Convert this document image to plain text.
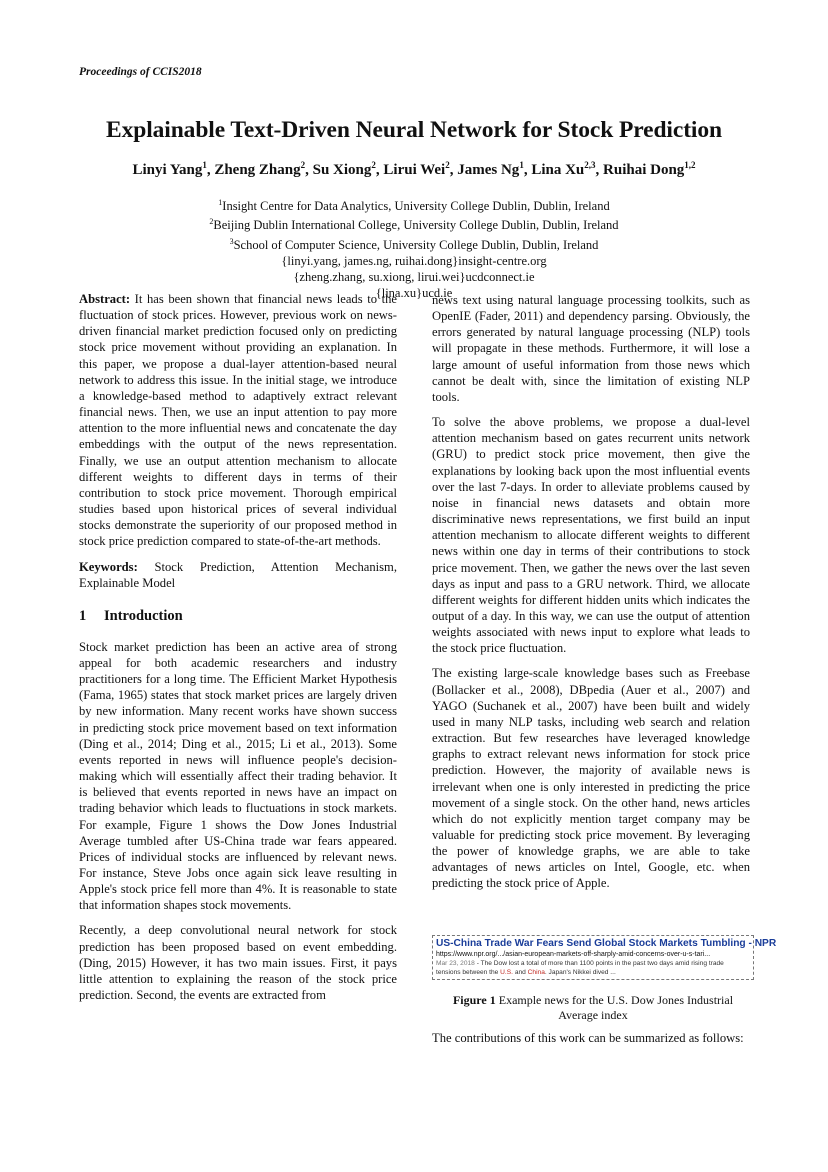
Proceedings of CCIS2018
Explainable Text-Driven Neural Network for Stock Prediction
Linyi Yang$^1$, Zheng Zhang$^2$, Su Xiong$^2$, Lirui Wei$^2$, James Ng$^1$, Lina Xu$^{2,3}$, Ruihai Dong$^{1,2}$
$^1$Insight Centre for Data Analytics, University College Dublin, Dublin, Ireland
$^2$Beijing Dublin International College, University College Dublin, Dublin, Ireland
$^3$School of Computer Science, University College Dublin, Dublin, Ireland
{linyi.yang, james.ng, ruihai.dong}insight-centre.org
{zheng.zhang, su.xiong, lirui.wei}ucdconnect.ie
{lina.xu}ucd.ie

Abstract: It has been shown that financial news leads to the fluctuation of stock prices. However, previous work on news-driven financial market prediction focused only on predicting stock price movement without providing an explanation. In this paper, we propose a dual-layer attention-based neural network to address this issue. In the initial stage, we introduce a knowledge-based method to adaptively extract relevant financial news. Then, we use an input attention to pay more attention to the more influential news and concatenate the day embeddings with the output of the news representation. Finally, we use an output attention mechanism to allocate different weights to different days in terms of their contribution to stock price movement. Thorough empirical studies based upon historical prices of several individual stocks demonstrate the superiority of our proposed method in stock price prediction compared to state-of-the-art methods.

Keywords: Stock Prediction, Attention Mechanism, Explainable Model

1 Introduction

Stock market prediction has been an active area of strong appeal for both academic researchers and industry practitioners for a long time. The Efficient Market Hypothesis (Fama, 1965) states that stock market prices are largely driven by new information. Many recent works have shown success in predicting stock price movement based on text information (Ding et al., 2014; Ding et al., 2015; Li et al., 2013). Some events reported in news will influence people's decision-making which will essentially affect their trading behavior. It is believed that events reported in news have an impact on trading behavior which leads to fluctuations in stock markets. For example, Figure 1 shows the Dow Jones Industrial Average tumbled after US-China trade war fears appeared. Prices of individual stocks are influenced by relevant news. For instance, Steve Jobs once again sick leave resulting in Apple's stock price fell more than 4%. It is reasonable to state that information shapes stock movements.

Recently, a deep convolutional neural network for stock prediction has been proposed based on event embedding. (Ding, 2015) However, it has two main issues. First, it pays little attention to explaining the reason of the stock price prediction. Second, the events are extracted from

news text using natural language processing toolkits, such as OpenIE (Fader, 2011) and dependency parsing. Obviously, the errors generated by natural language processing (NLP) tools will propagate in these methods. Furthermore, it will lose a large amount of useful information from those news which cannot be dealt with, since the limitation of existing NLP tools.

To solve the above problems, we propose a dual-level attention mechanism based on gates recurrent units network (GRU) to predict stock price movement, then give the explanations by looking back upon the most influential events over the last 7-days. In order to alleviate problems caused by noise in financial news datasets and obtain more discriminative news representations, we first build an input attention mechanism to allocate different weights to different news within one day in terms of their contributions to stock price movement. Then, we gather the news over the last seven days as input and pass to a GRU network. Third, we allocate different weights for different hidden units which indicates the output of a day. In this way, we can use the output of attention weights associated with news input to explore what leads to the stock price fluctuation.

The existing large-scale knowledge bases such as Freebase (Bollacker et al., 2008), DBpedia (Auer et al., 2007) and YAGO (Suchanek et al., 2007) have been built and widely used in many NLP tasks, including web search and relation extraction. But few researches have leveraged knowledge graphs to extract relevant news information for stock price prediction. However, the majority of available news is irrelevant when one is only interested in predicting the price movement of a single stock. On the other hand, news articles which do not explicitly mention target company may be valuable for predicting stock price movement. By leveraging the power of knowledge graphs, we are able to take advantages of news articles on Intel, Google, etc. when predicting the stock price of Apple.

US-China Trade War Fears Send Global Stock Markets Tumbling - NPR
https://www.npr.org/.../asian-european-markets-off-sharply-amid-concerns-over-u-s-tari...
Mar 23, 2018 - The Dow lost a total of more than 1100 points in the past two days amid rising trade tensions between the U.S. and China. Japan's Nikkei dived ...
Figure 1 Example news for the U.S. Dow Jones Industrial Average index
The contributions of this work can be summarized as follows:
